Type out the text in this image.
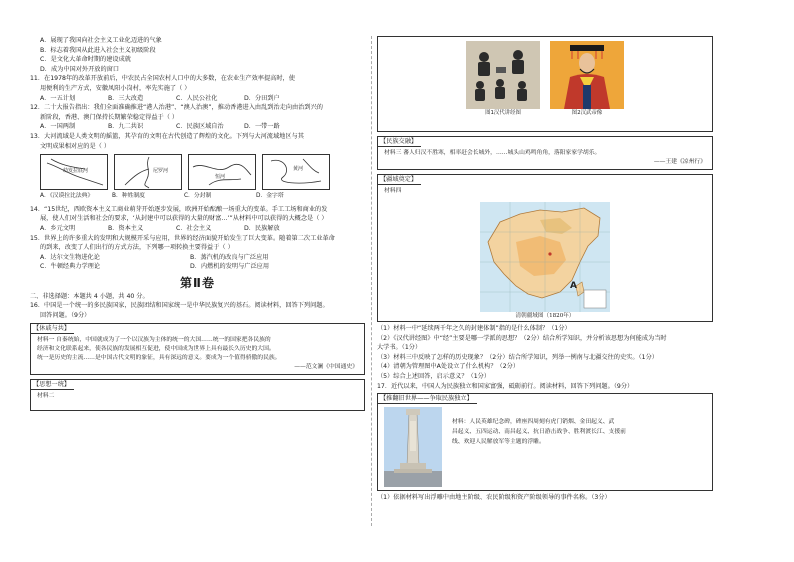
A．展现了我国向社会主义工业化迈进的气象
B．标志着我国从此进入社会主义初级阶段
C．是文化大革命时期的建设成就
D．成为中国对外开放的窗口
11．在1978年的改革开放前后，中农民占全国农村人口中的大多数，在农业生产效率提高时，使
用便利的生产方式，安徽凤阳小岗村，率先实施了（ ）
A．一五计划	B．三大改造	C．人民公社化	D．分田到户
12．二十大报告指出：我们全面准确推进“港人治港”、“澳人治澳”，推动香港进入由乱到治走向由治到兴的
新阶段，香港、澳门保持长期繁荣稳定得益于（ ）
A．一国两制	B．九二共识	C．民族区域自治	D．一带一路
13．大河流域是人类文明的摇篮，其孕育的文明在古代创造了辉煌的文化。下列与大河流域地区与其
文明成果相对应的是（ ）
幼发拉底河	尼罗河
恒河
黄河
A．《汉谟拉比法典》	B．种姓制度	C．分封制	D．金字塔
14．“15世纪，西欧资本主义工商业萌芽开始逐步发展，欧洲开始酝酿一场重大的变革。手工工场和商业的发
展，使人们对生活和社会的要求，‘从封建中可以获得的大量的财富…’”从材料中可以获得的大概念是（ ）
A．乡元文明	B．资本主义	C．社会主义	D．民族解放
15．世界上的许多重大的发明和大规模开采与应用，世界的经济面貌开始发生了巨大变革。随着第二次工业革命
的到来，改变了人们出行的方式方法，下列哪一项转换主要得益于（ ）
A．达尔文生物进化论	B．蒸汽机的改良与广泛应用
C．牛顿经典力学理论	D．内燃机的发明与广泛应用
第Ⅱ卷
二、非选择题：本题共 4 小题，共 40 分。
16．中国是一个统一的多民族国家，民族团结和国家统一是中华民族复兴的基石。阅读材料，回答下列问题。
回答问题。（9分）
【休戚与共】
材料一 自秦统始，中国就成为了一个以汉族为主体的统一的大国……统一的国家把各民族的
经济和文化联系起来，使各民族的发展相互促进，使中国成为世界上具有最长久历史的大国。
统一是历史的主流……是中国古代文明的象征，具有深远的意义。要成为一个值得骄傲的民族。
——范文澜《中国通史》
【思想一统】
材料二
图1汉代讲经图	图2汉武帝像
【民族交融】
材料三 蕃人归汉不胜寒，相率赶会长城外，……城头山鸡鸣角角，落阳家家学胡乐。
——王建《凉州行》
【疆域奠定】
材料四
A
清朝疆域图（1820年）
（1）材料一中“延续两千年之久的封建体制”指的是什么体制？（1分）
（2）《汉代讲经图》中“经”主要是哪一学派的思想？（2分）结合所学知识，并分析该思想为何能成为当时
大学书。（1分）
（3）材料三中反映了怎样的历史现象？（2分）结合所学知识，列举一例南与北疆交往的史实。（1分）
（4）清朝为管理图中A处设立了什么机构？（2分）
（5）综合上述回答，启示意义？（1分）
17．近代以来，中国人为民族独立和国家富强，砥砺前行。阅读材料，回答下列问题。（9分）
【推翻旧世界——争取民族独立】
材料：人民英雄纪念碑，碑座四周刻有虎门销烟、金田起义、武
昌起义、五四运动、南昌起义、抗日游击战争、胜利渡长江、支援前
线、欢迎人民解放军等主题的浮雕。
（1）依据材料写出浮雕中由地主阶级、农民阶级和资产阶级领导的事件名称。（3分）
